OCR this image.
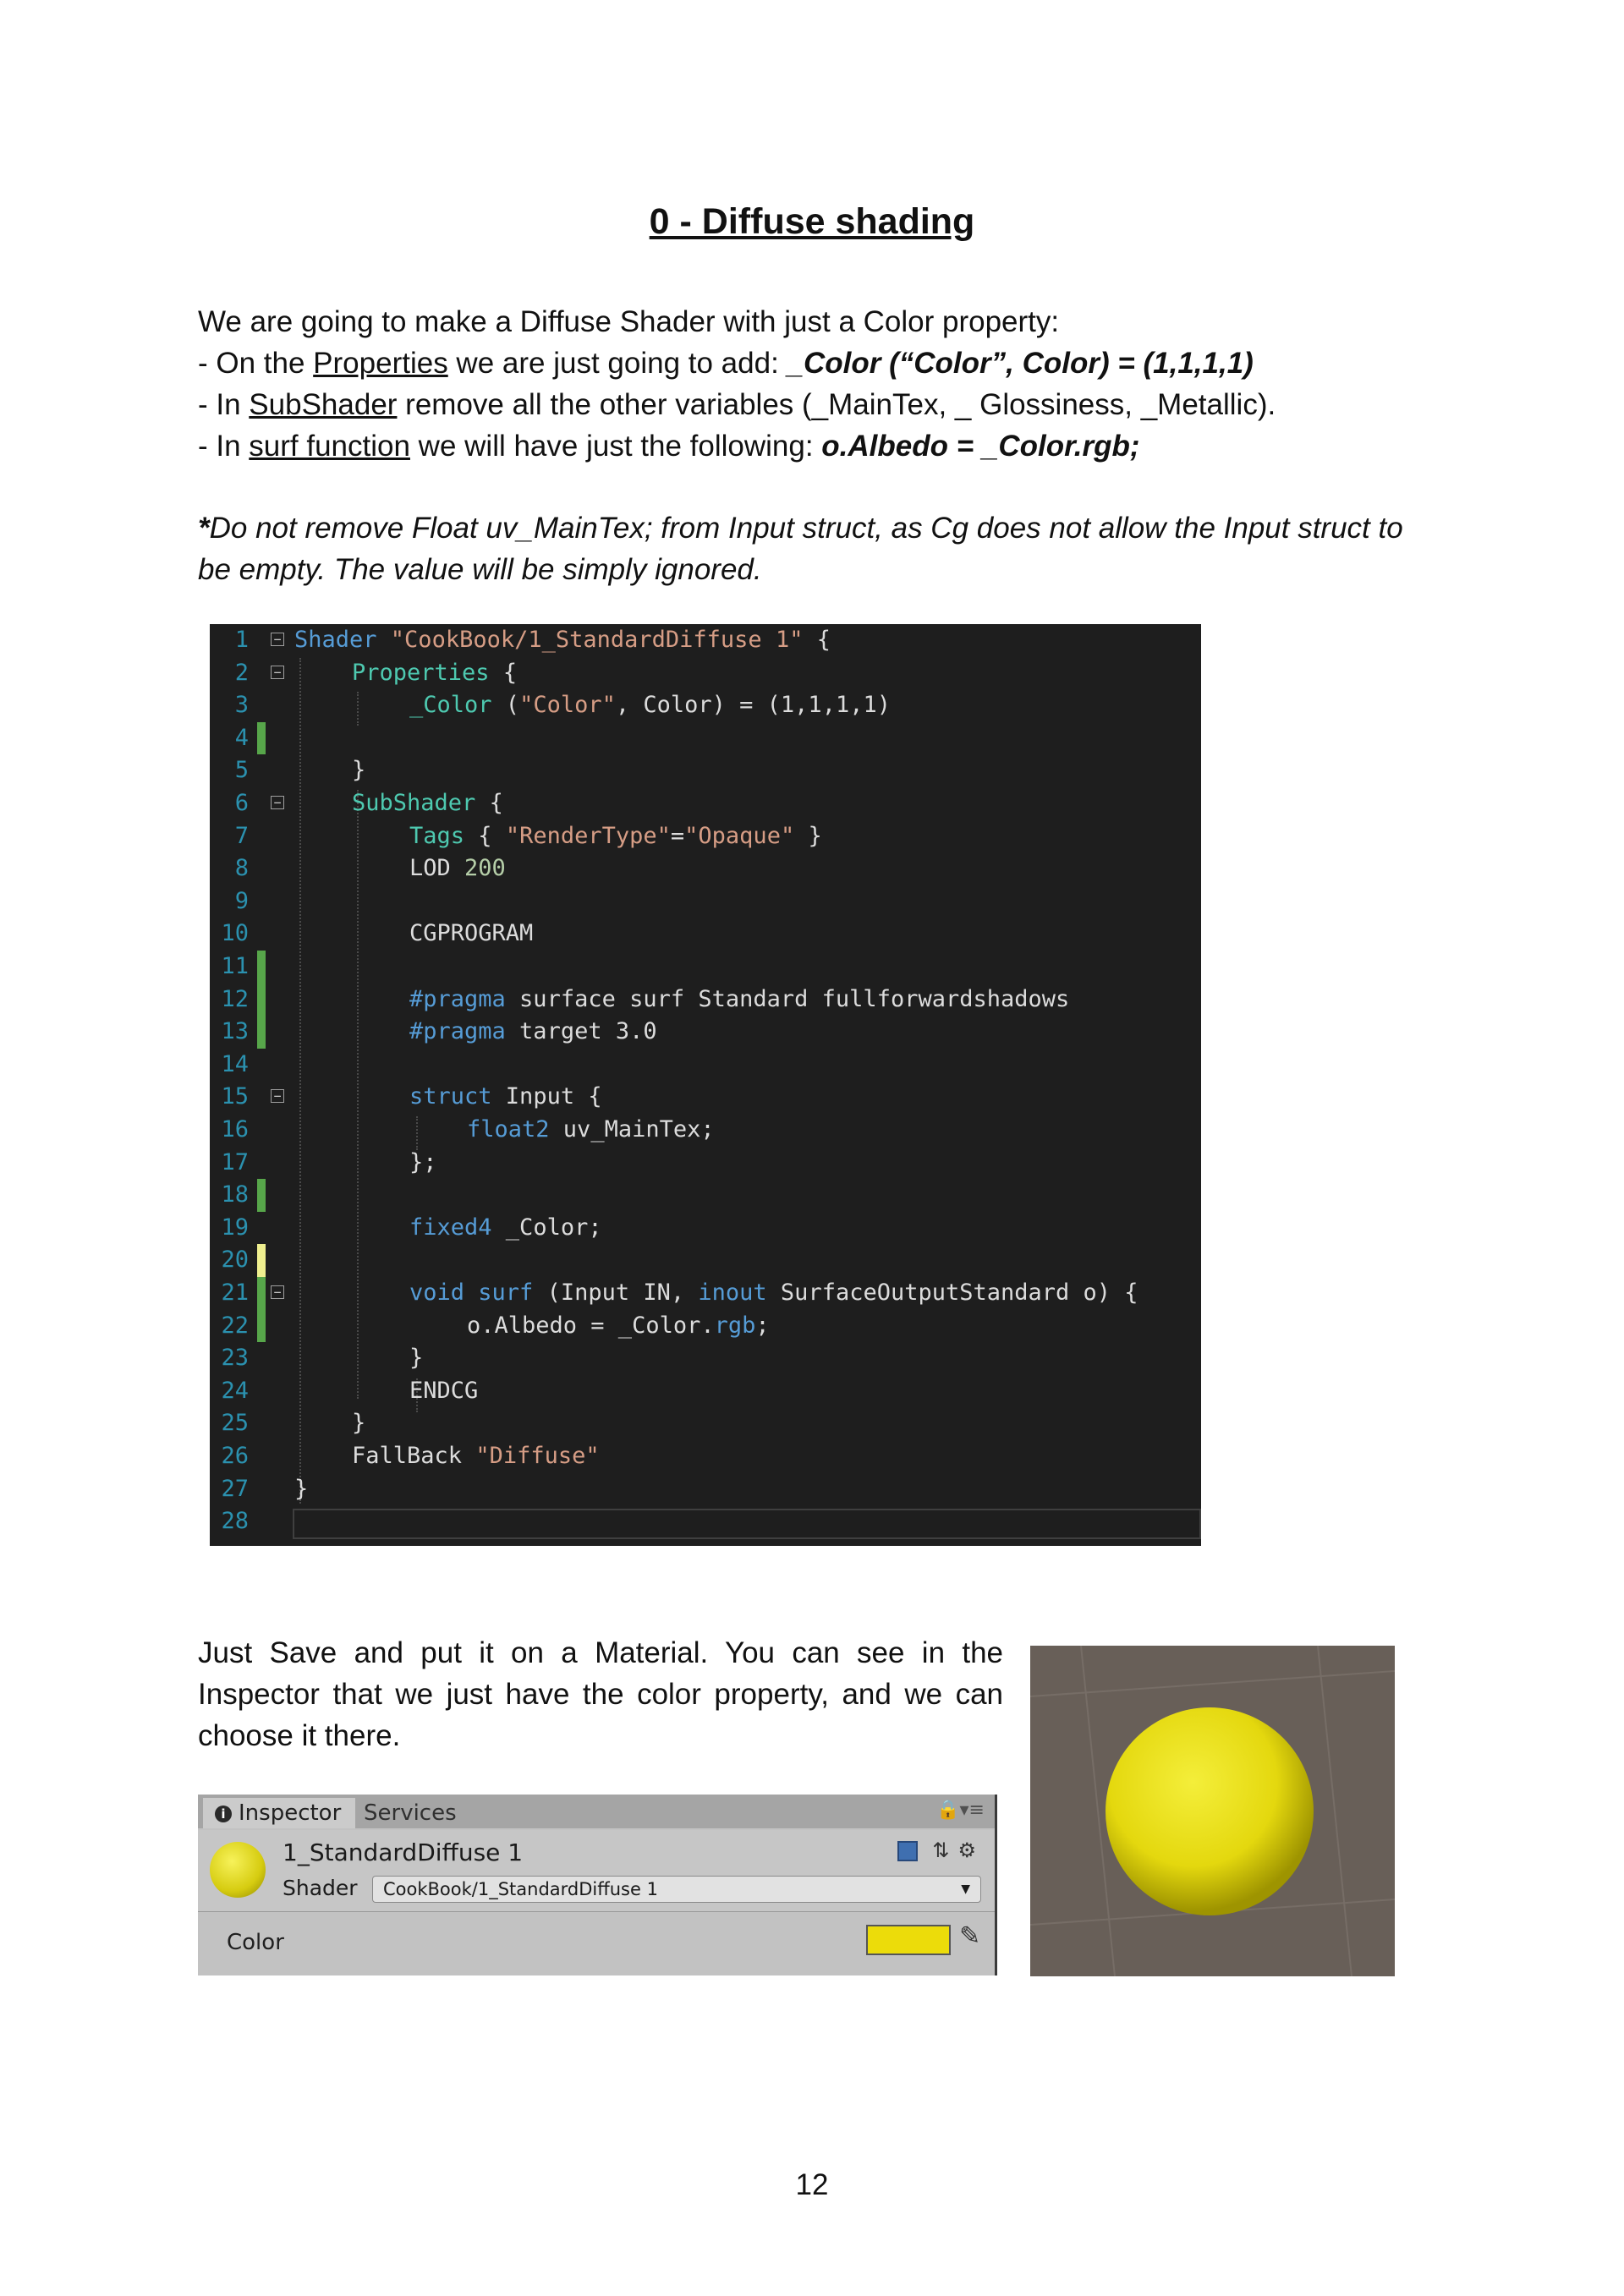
0 - Diffuse shading

We are going to make a Diffuse Shader with just a Color property:

- On the Properties we are just going to add: _Color (“Color”, Color) = (1,1,1,1)

- In SubShader remove all the other variables (_MainTex, _ Glossiness, _Metallic).

- In surf function we will have just the following: o.Albedo = _Color.rgb;

*Do not remove Float uv_MainTex; from Input struct, as Cg does not allow the Input struct to

be empty. The value will be simply ignored.

1 − Shader "CookBook/1_StandardDiffuse 1" {
2 −	Properties {
3	_Color ("Color", Color) = (1,1,1,1)
4
5	}
6 −	SubShader {
7	Tags { "RenderType"="Opaque" }
8	LOD 200
9
10	CGPROGRAM
11
12	#pragma surface surf Standard fullforwardshadows
13	#pragma target 3.0
14
15 −	struct Input {
16	float2 uv_MainTex;
17	};
18
19	fixed4 _Color;
20
21 −	void surf (Input IN, inout SurfaceOutputStandard o) {
22	o.Albedo = _Color.rgb;
23	}
24	ENDCG
25	}
26	FallBack "Diffuse"
27 }
28

Just Save and put it on a Material. You can see in the

Inspector that we just have the color property, and we can

choose it there.

i Inspector	Services	🔒▾≡
1_StandardDiffuse 1	⇅⚙
Shader	CookBook/1_StandardDiffuse 1	▼
Color	✎
12
